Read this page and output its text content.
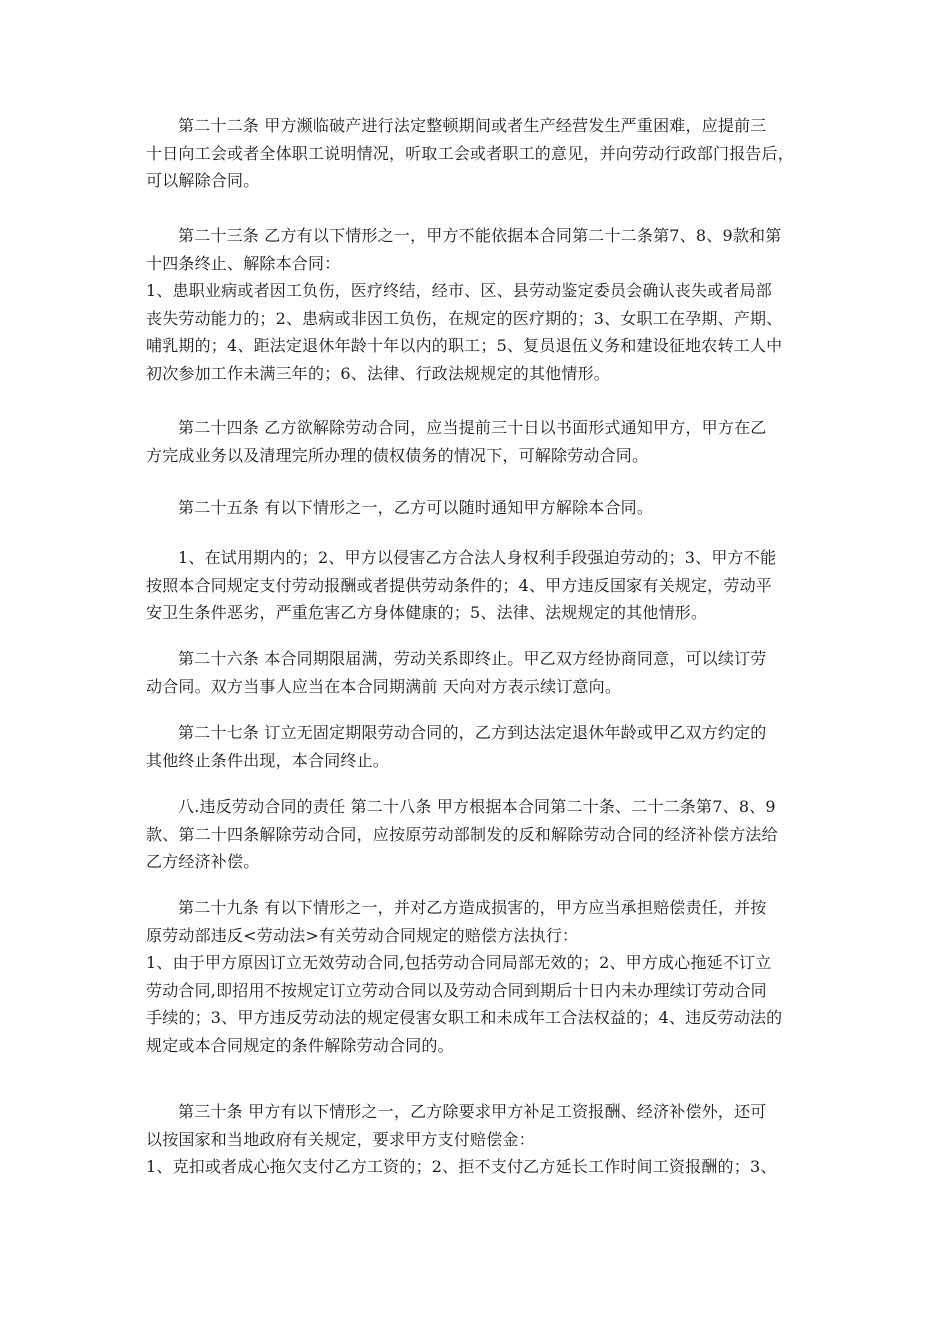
第二十二条 甲方濒临破产进行法定整顿期间或者生产经营发生严重困难，应提前三
十日向工会或者全体职工说明情况，听取工会或者职工的意见，并向劳动行政部门报告后，
可以解除合同。
第二十三条 乙方有以下情形之一，甲方不能依据本合同第二十二条第7、8、9款和第
十四条终止、解除本合同：
1、患职业病或者因工负伤，医疗终结，经市、区、县劳动鉴定委员会确认丧失或者局部
丧失劳动能力的；2、患病或非因工负伤，在规定的医疗期的；3、女职工在孕期、产期、
哺乳期的；4、距法定退休年龄十年以内的职工；5、复员退伍义务和建设征地农转工人中
初次参加工作未满三年的；6、法律、行政法规规定的其他情形。
第二十四条 乙方欲解除劳动合同，应当提前三十日以书面形式通知甲方，甲方在乙
方完成业务以及清理完所办理的债权债务的情况下，可解除劳动合同。
第二十五条 有以下情形之一，乙方可以随时通知甲方解除本合同。
1、在试用期内的；2、甲方以侵害乙方合法人身权利手段强迫劳动的；3、甲方不能
按照本合同规定支付劳动报酬或者提供劳动条件的；4、甲方违反国家有关规定，劳动平
安卫生条件恶劣，严重危害乙方身体健康的；5、法律、法规规定的其他情形。
第二十六条 本合同期限届满，劳动关系即终止。甲乙双方经协商同意，可以续订劳
动合同。双方当事人应当在本合同期满前 天向对方表示续订意向。
第二十七条 订立无固定期限劳动合同的，乙方到达法定退休年龄或甲乙双方约定的
其他终止条件出现，本合同终止。
八.违反劳动合同的责任 第二十八条 甲方根据本合同第二十条、二十二条第7、8、9
款、第二十四条解除劳动合同，应按原劳动部制发的反和解除劳动合同的经济补偿方法给
乙方经济补偿。
第二十九条 有以下情形之一，并对乙方造成损害的，甲方应当承担赔偿责任，并按
原劳动部违反<劳动法>有关劳动合同规定的赔偿方法执行：
1、由于甲方原因订立无效劳动合同,包括劳动合同局部无效的；2、甲方成心拖延不订立
劳动合同,即招用不按规定订立劳动合同以及劳动合同到期后十日内未办理续订劳动合同
手续的；3、甲方违反劳动法的规定侵害女职工和未成年工合法权益的；4、违反劳动法的
规定或本合同规定的条件解除劳动合同的。
第三十条 甲方有以下情形之一，乙方除要求甲方补足工资报酬、经济补偿外，还可
以按国家和当地政府有关规定，要求甲方支付赔偿金：
1、克扣或者成心拖欠支付乙方工资的；2、拒不支付乙方延长工作时间工资报酬的；3、
